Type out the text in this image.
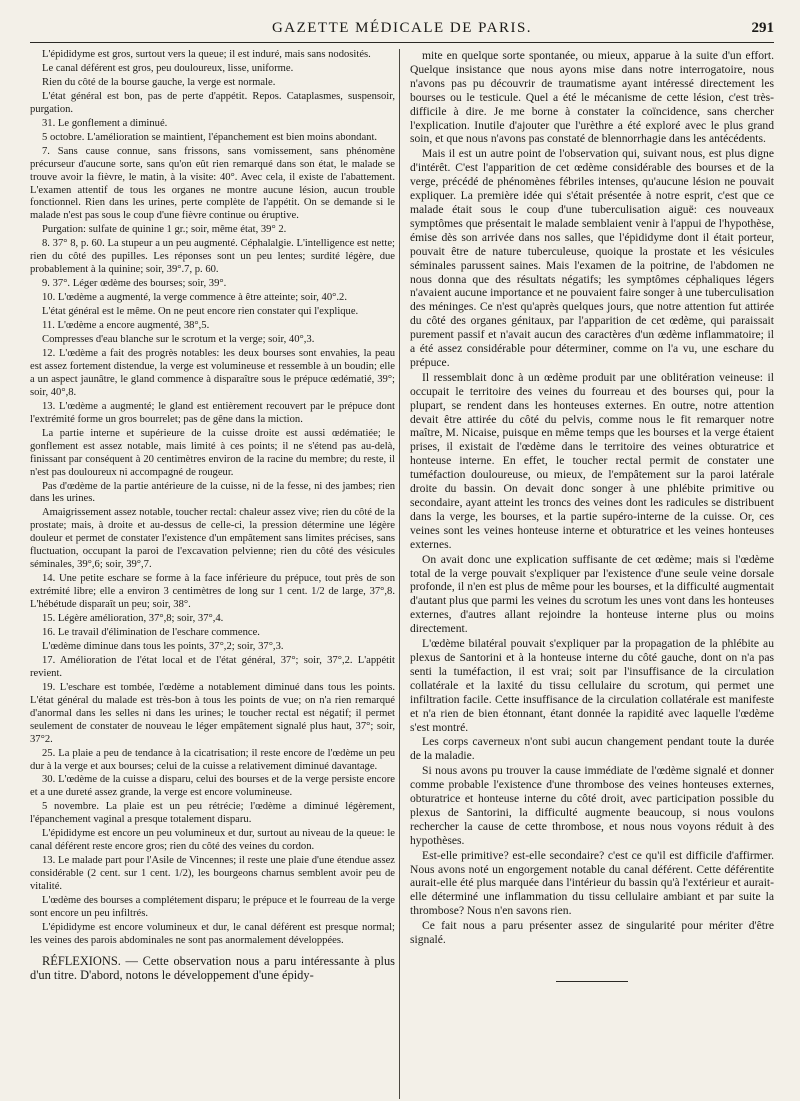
GAZETTE MÉDICALE DE PARIS.	291

L'épididyme est gros, surtout vers la queue; il est induré, mais sans nodosités.

Le canal déférent est gros, peu douloureux, lisse, uniforme.

Rien du côté de la bourse gauche, la verge est normale.

L'état général est bon, pas de perte d'appétit. Repos. Cataplasmes, suspensoir, purgation.

31. Le gonflement a diminué.

5 octobre. L'amélioration se maintient, l'épanchement est bien moins abondant.

7. Sans cause connue, sans frissons, sans vomissement, sans phénomène précurseur d'aucune sorte, sans qu'on eût rien remarqué dans son état, le malade se trouve avoir la fièvre, le matin, à la visite: 40°. Avec cela, il existe de l'abattement. L'examen attentif de tous les organes ne montre aucune lésion, aucun trouble fonctionnel. Rien dans les urines, perte complète de l'appétit. On se demande si le malade n'est pas sous le coup d'une fièvre continue ou éruptive.

Purgation: sulfate de quinine 1 gr.; soir, même état, 39° 2.

8. 37° 8, p. 60. La stupeur a un peu augmenté. Céphalalgie. L'intelligence est nette; rien du côté des pupilles. Les réponses sont un peu lentes; surdité légère, due probablement à la quinine; soir, 39°.7, p. 60.

9. 37°. Léger œdème des bourses; soir, 39°.

10. L'œdème a augmenté, la verge commence à être atteinte; soir, 40°.2.

L'état général est le même. On ne peut encore rien constater qui l'explique.

11. L'œdème a encore augmenté, 38°,5.

Compresses d'eau blanche sur le scrotum et la verge; soir, 40°,3.

12. L'œdème a fait des progrès notables: les deux bourses sont envahies, la peau est assez fortement distendue, la verge est volumineuse et ressemble à un boudin; elle a un aspect jaunâtre, le gland commence à disparaître sous le prépuce œdématié, 39°; soir, 40°,8.

13. L'œdème a augmenté; le gland est entièrement recouvert par le prépuce dont l'extrémité forme un gros bourrelet; pas de gêne dans la miction.

La partie interne et supérieure de la cuisse droite est aussi œdématiée; le gonflement est assez notable, mais limité à ces points; il ne s'étend pas au-delà, finissant par conséquent à 20 centimètres environ de la racine du membre; du reste, il n'est pas douloureux ni accompagné de rougeur.

Pas d'œdème de la partie antérieure de la cuisse, ni de la fesse, ni des jambes; rien dans les urines.

Amaigrissement assez notable, toucher rectal: chaleur assez vive; rien du côté de la prostate; mais, à droite et au-dessus de celle-ci, la pression détermine une légère douleur et permet de constater l'existence d'un empâtement sans limites précises, sans fluctuation, occupant la paroi de l'excavation pelvienne; rien du côté des vésicules séminales, 39°,6; soir, 39°,7.

14. Une petite eschare se forme à la face inférieure du prépuce, tout près de son extrémité libre; elle a environ 3 centimètres de long sur 1 cent. 1/2 de large, 37°,8. L'hébétude disparaît un peu; soir, 38°.

15. Légère amélioration, 37°,8; soir, 37°,4.

16. Le travail d'élimination de l'eschare commence.

L'œdème diminue dans tous les points, 37°,2; soir, 37°,3.

17. Amélioration de l'état local et de l'état général, 37°; soir, 37°,2. L'appétit revient.

19. L'eschare est tombée, l'œdème a notablement diminué dans tous les points. L'état général du malade est très-bon à tous les points de vue; on n'a rien remarqué d'anormal dans les selles ni dans les urines; le toucher rectal est négatif; il permet seulement de constater de nouveau le léger empâtement signalé plus haut, 37°; soir, 37°2.

25. La plaie a peu de tendance à la cicatrisation; il reste encore de l'œdème un peu dur à la verge et aux bourses; celui de la cuisse a relativement diminué davantage.

30. L'œdème de la cuisse a disparu, celui des bourses et de la verge persiste encore et a une dureté assez grande, la verge est encore volumineuse.

5 novembre. La plaie est un peu rétrécie; l'œdème a diminué légèrement, l'épanchement vaginal a presque totalement disparu.

L'épididyme est encore un peu volumineux et dur, surtout au niveau de la queue: le canal déférent reste encore gros; rien du côté des veines du cordon.

13. Le malade part pour l'Asile de Vincennes; il reste une plaie d'une étendue assez considérable (2 cent. sur 1 cent. 1/2), les bourgeons charnus semblent avoir peu de vitalité.

L'œdème des bourses a complétement disparu; le prépuce et le fourreau de la verge sont encore un peu infiltrés.

L'épididyme est encore volumineux et dur, le canal déférent est presque normal; les veines des parois abdominales ne sont pas anormalement développées.

RÉFLEXIONS. — Cette observation nous a paru intéressante à plus d'un titre. D'abord, notons le développement d'une épidy-

mite en quelque sorte spontanée, ou mieux, apparue à la suite d'un effort. Quelque insistance que nous ayons mise dans notre interrogatoire, nous n'avons pas pu découvrir de traumatisme ayant intéressé directement les bourses ou le testicule. Quel a été le mécanisme de cette lésion, c'est très-difficile à dire. Je me borne à constater la coïncidence, sans chercher l'explication. Inutile d'ajouter que l'urèthre a été exploré avec le plus grand soin, et que nous n'avons pas constaté de blennorrhagie dans les antécédents.

Mais il est un autre point de l'observation qui, suivant nous, est plus digne d'intérêt. C'est l'apparition de cet œdème considérable des bourses et de la verge, précédé de phénomènes fébriles intenses, qu'aucune lésion ne pouvait expliquer. La première idée qui s'était présentée à notre esprit, c'est que ce malade était sous le coup d'une tuberculisation aiguë: ces nouveaux symptômes que présentait le malade semblaient venir à l'appui de l'hypothèse, émise dès son arrivée dans nos salles, que l'épididyme dont il était porteur, pouvait être de nature tuberculeuse, quoique la prostate et les vésicules séminales parussent saines. Mais l'examen de la poitrine, de l'abdomen ne nous donna que des résultats négatifs; les symptômes céphaliques légers n'avaient aucune importance et ne pouvaient faire songer à une tuberculisation des méninges. Ce n'est qu'après quelques jours, que notre attention fut attirée du côté des organes génitaux, par l'apparition de cet œdème, qui paraissait purement passif et n'avait aucun des caractères d'un œdème inflammatoire; il a été assez considérable pour déterminer, comme on l'a vu, une eschare du prépuce.

Il ressemblait donc à un œdème produit par une oblitération veineuse: il occupait le territoire des veines du fourreau et des bourses qui, pour la plupart, se rendent dans les honteuses externes. En outre, notre attention devait être attirée du côté du pelvis, comme nous le fit remarquer notre maître, M. Nicaise, puisque en même temps que les bourses et la verge étaient prises, il existait de l'œdème dans le territoire des veines obturatrice et honteuse interne. En effet, le toucher rectal permit de constater une tuméfaction douloureuse, ou mieux, de l'empâtement sur la paroi latérale droite du bassin. On devait donc songer à une phlébite primitive ou secondaire, ayant atteint les troncs des veines dont les radicules se distribuent dans la verge, les bourses, et la partie supéro-interne de la cuisse. Or, ces veines sont les veines honteuse interne et obturatrice et les veines honteuses externes.

On avait donc une explication suffisante de cet œdème; mais si l'œdème total de la verge pouvait s'expliquer par l'existence d'une seule veine dorsale profonde, il n'en est plus de même pour les bourses, et la difficulté augmentait d'autant plus que parmi les veines du scrotum les unes vont dans les honteuses externes, d'autres allant rejoindre la honteuse interne plus ou moins directement.

L'œdème bilatéral pouvait s'expliquer par la propagation de la phlébite au plexus de Santorini et à la honteuse interne du côté gauche, dont on n'a pas senti la tuméfaction, il est vrai; soit par l'insuffisance de la circulation collatérale et la laxité du tissu cellulaire du scrotum, qui permet une infiltration facile. Cette insuffisance de la circulation collatérale est manifeste et n'a rien de bien étonnant, étant donnée la rapidité avec laquelle l'œdème s'est montré.

Les corps caverneux n'ont subi aucun changement pendant toute la durée de la maladie.

Si nous avons pu trouver la cause immédiate de l'œdème signalé et donner comme probable l'existence d'une thrombose des veines honteuses externes, obturatrice et honteuse interne du côté droit, avec participation possible du plexus de Santorini, la difficulté augmente beaucoup, si nous voulons rechercher la cause de cette thrombose, et nous nous voyons réduit à des hypothèses.

Est-elle primitive? est-elle secondaire? c'est ce qu'il est difficile d'affirmer. Nous avons noté un engorgement notable du canal déférent. Cette déférentite aurait-elle été plus marquée dans l'intérieur du bassin qu'à l'extérieur et aurait-elle déterminé une inflammation du tissu cellulaire ambiant et par suite la thrombose? Nous n'en savons rien.

Ce fait nous a paru présenter assez de singularité pour mériter d'être signalé.
